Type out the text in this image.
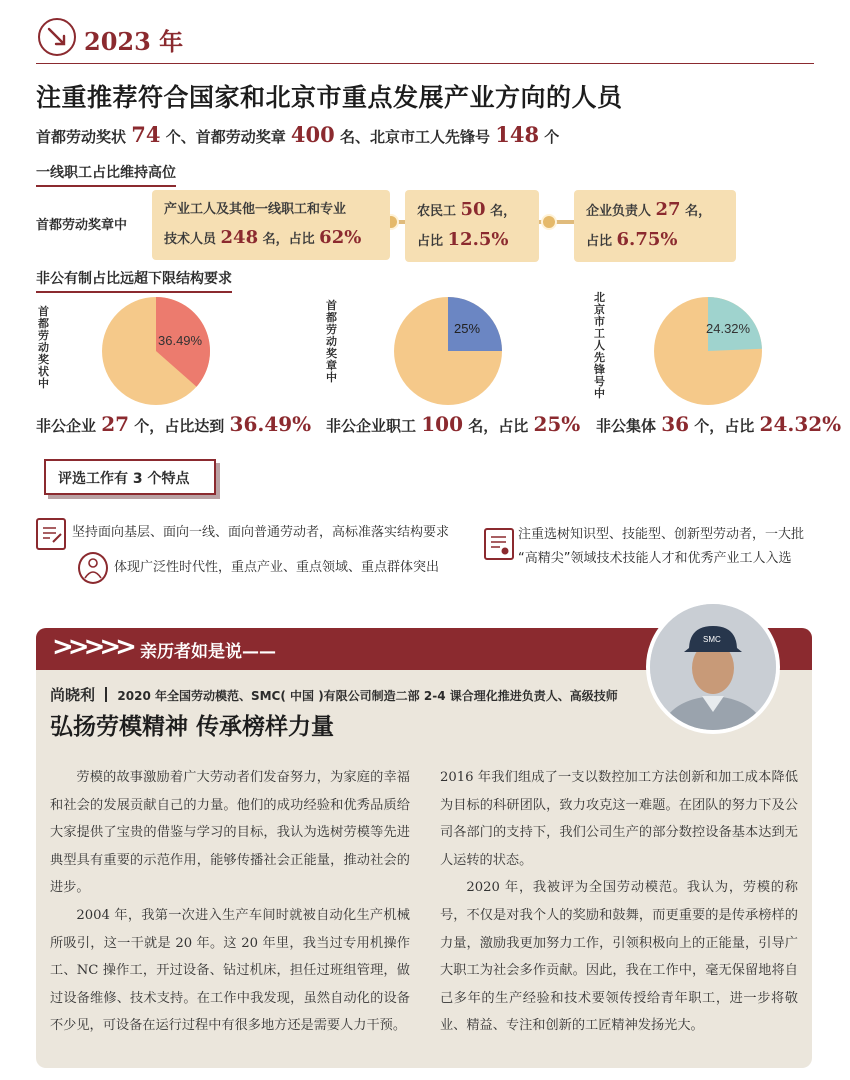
2023 年
注重推荐符合国家和北京市重点发展产业方向的人员
首都劳动奖状 74 个、首都劳动奖章 400 名、北京市工人先锋号 148 个
一线职工占比维持高位
首都劳动奖章中
产业工人及其他一线职工和专业
技术人员 248 名，占比 62%
农民工 50 名，
占比 12.5%
企业负责人 27 名，
占比 6.75%
非公有制占比远超下限结构要求
首都劳动奖状中
首都劳动奖章中
北京市工人先锋号中
36.49%
25%	24.32%
非公企业 27 个，占比达到 36.49% 非公企业职工 100 名，占比 25% 非公集体 36 个，占比 24.32%
评选工作有 3 个特点
坚持面向基层、面向一线、面向普通劳动者，高标准落实结构要求
体现广泛性时代性，重点产业、重点领域、重点群体突出
注重选树知识型、技能型、创新型劳动者，一大批
“高精尖”领域技术技能人才和优秀产业工人入选
>>>>> 亲历者如是说——
SMC
尚晓利 2020 年全国劳动模范、SMC( 中国 )有限公司制造二部 2-4 课合理化推进负责人、高级技师
弘扬劳模精神 传承榜样力量

劳模的故事激励着广大劳动者们发奋努力，为家庭的幸福和社会的发展贡献自己的力量。他们的成功经验和优秀品质给大家提供了宝贵的借鉴与学习的目标，我认为选树劳模等先进典型具有重要的示范作用，能够传播社会正能量，推动社会的进步。

2004 年，我第一次进入生产车间时就被自动化生产机械所吸引，这一干就是 20 年。这 20 年里，我当过专用机操作工、NC 操作工，开过设备、钻过机床，担任过班组管理，做过设备维修、技术支持。在工作中我发现，虽然自动化的设备不少见，可设备在运行过程中有很多地方还是需要人力干预。

2016 年我们组成了一支以数控加工方法创新和加工成本降低为目标的科研团队，致力攻克这一难题。在团队的努力下及公司各部门的支持下，我们公司生产的部分数控设备基本达到无人运转的状态。

2020 年，我被评为全国劳动模范。我认为，劳模的称号，不仅是对我个人的奖励和鼓舞，而更重要的是传承榜样的力量，激励我更加努力工作，引领积极向上的正能量，引导广大职工为社会多作贡献。因此，我在工作中，毫无保留地将自己多年的生产经验和技术要领传授给青年职工，进一步将敬业、精益、专注和创新的工匠精神发扬光大。
